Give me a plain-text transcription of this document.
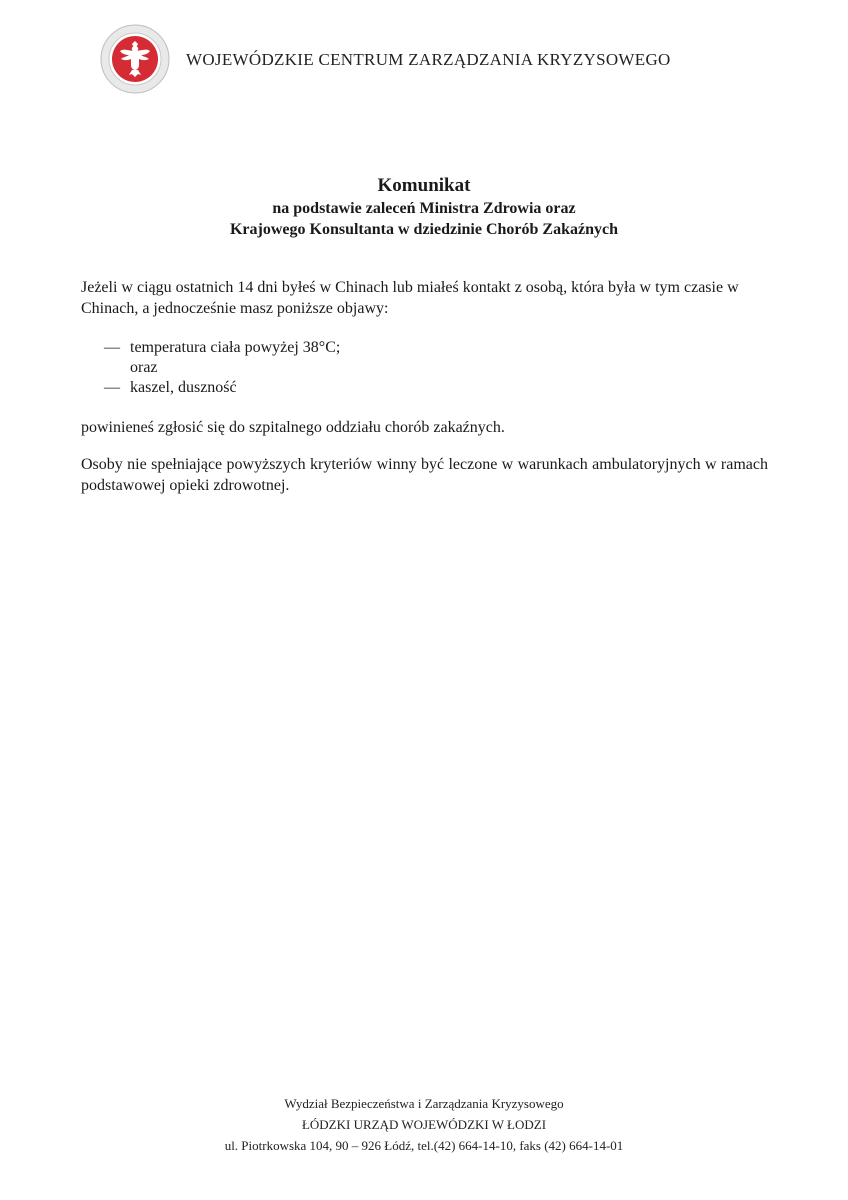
WOJEWÓDZKIE CENTRUM ZARZĄDZANIA KRYZYSOWEGO
Komunikat
na podstawie zaleceń Ministra Zdrowia oraz
Krajowego Konsultanta w dziedzinie Chorób Zakaźnych
Jeżeli w ciągu ostatnich 14 dni byłeś w Chinach lub miałeś kontakt z osobą, która była w tym czasie w Chinach, a jednocześnie masz poniższe objawy:
— temperatura ciała powyżej 38°C;
oraz
— kaszel, duszność
powinieneś zgłosić się do szpitalnego oddziału chorób zakaźnych.
Osoby nie spełniające powyższych kryteriów winny być leczone w warunkach ambulatoryjnych w ramach podstawowej opieki zdrowotnej.
Wydział Bezpieczeństwa i Zarządzania Kryzysowego
ŁÓDZKI URZĄD WOJEWÓDZKI W ŁODZI
ul. Piotrkowska 104, 90 – 926 Łódź, tel.(42) 664-14-10, faks (42) 664-14-01
